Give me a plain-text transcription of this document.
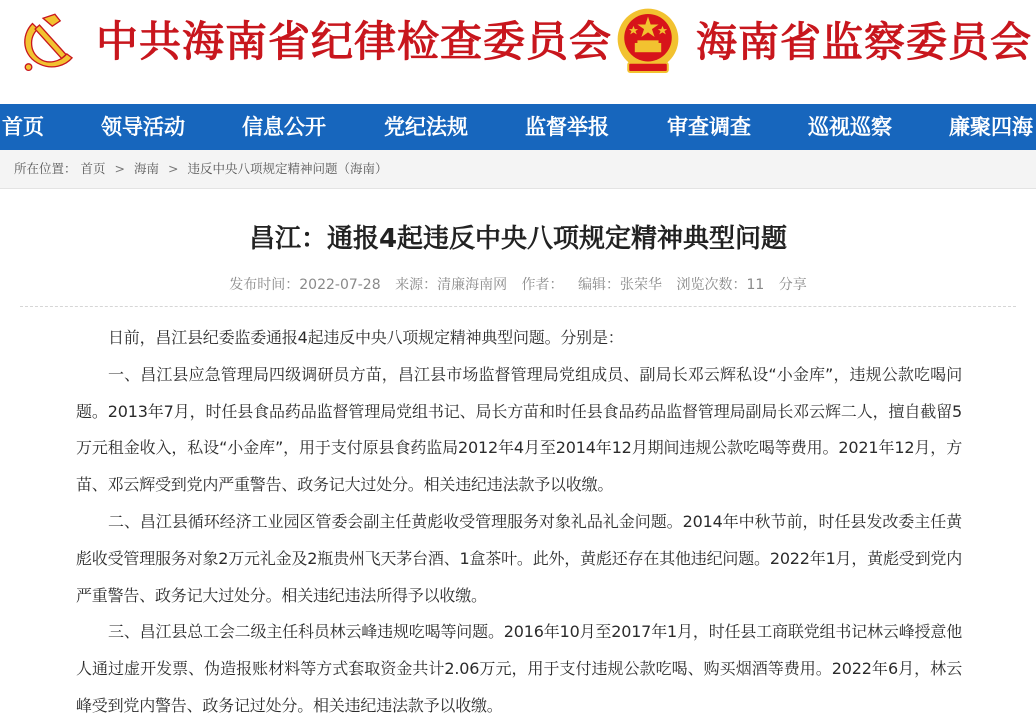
中共海南省纪律检查委员会 海南省监察委员会
首页	领导活动	信息公开	党纪法规	监督举报	审查调查	巡视巡察	廉聚四海
所在位置： 首页 > 海南 > 违反中央八项规定精神问题（海南）
昌江：通报4起违反中央八项规定精神典型问题
发布时间：2022-07-28 来源：清廉海南网 作者： 编辑：张荣华 浏览次数：11 分享

日前，昌江县纪委监委通报4起违反中央八项规定精神典型问题。分别是：

一、昌江县应急管理局四级调研员方苗，昌江县市场监督管理局党组成员、副局长邓云辉私设“小金库”，违规公款吃喝问题。2013年7月，时任县食品药品监督管理局党组书记、局长方苗和时任县食品药品监督管理局副局长邓云辉二人，擅自截留5万元租金收入，私设“小金库”，用于支付原县食药监局2012年4月至2014年12月期间违规公款吃喝等费用。2021年12月，方苗、邓云辉受到党内严重警告、政务记大过处分。相关违纪违法款予以收缴。

二、昌江县循环经济工业园区管委会副主任黄彪收受管理服务对象礼品礼金问题。2014年中秋节前，时任县发改委主任黄彪收受管理服务对象2万元礼金及2瓶贵州飞天茅台酒、1盒茶叶。此外，黄彪还存在其他违纪问题。2022年1月，黄彪受到党内严重警告、政务记大过处分。相关违纪违法所得予以收缴。

三、昌江县总工会二级主任科员林云峰违规吃喝等问题。2016年10月至2017年1月，时任县工商联党组书记林云峰授意他人通过虚开发票、伪造报账材料等方式套取资金共计2.06万元，用于支付违规公款吃喝、购买烟酒等费用。2022年6月，林云峰受到党内警告、政务记过处分。相关违纪违法款予以收缴。
